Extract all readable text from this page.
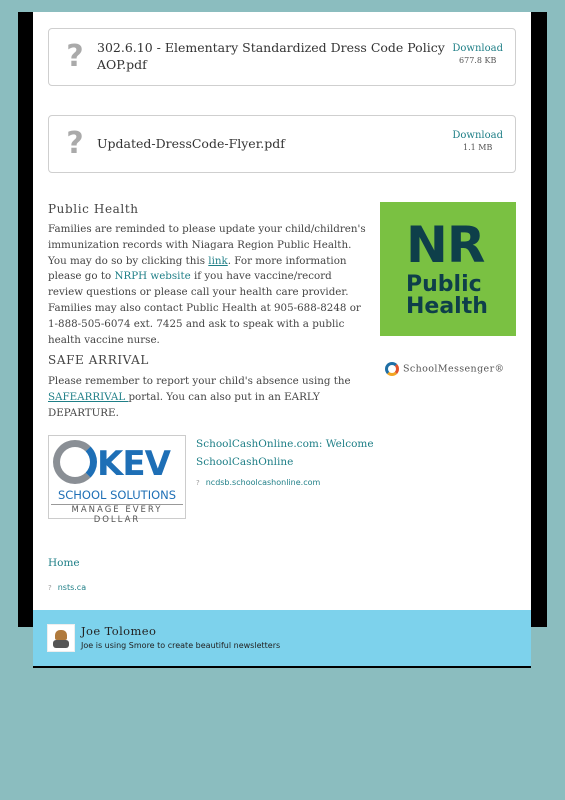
?	302.6.10 - Elementary Standardized Dress Code Policy AOP.pdf
Download
677.8 KB
?	Updated-DressCode-Flyer.pdf
Download
1.1 MB
Public Health
Families are reminded to please update your child/children's immunization records with Niagara Region Public Health. You may do so by clicking this link. For more information please go to NRPH website if you have vaccine/record review questions or please call your health care provider. Families may also contact Public Health at 905-688-8248 or 1-888-505-6074 ext. 7425 and ask to speak with a public health vaccine nurse.
NR
Public
Health
SAFE ARRIVAL
Please remember to report your child's absence using the SAFEARRIVAL portal. You can also put in an EARLY DEPARTURE.
SchoolMessenger®
KEV
SCHOOL SOLUTIONS
MANAGE EVERY DOLLAR
SchoolCashOnline.com: Welcome SchoolCashOnline
? ncdsb.schoolcashonline.com
Home
? nsts.ca
Joe Tolomeo
Joe is using Smore to create beautiful newsletters
